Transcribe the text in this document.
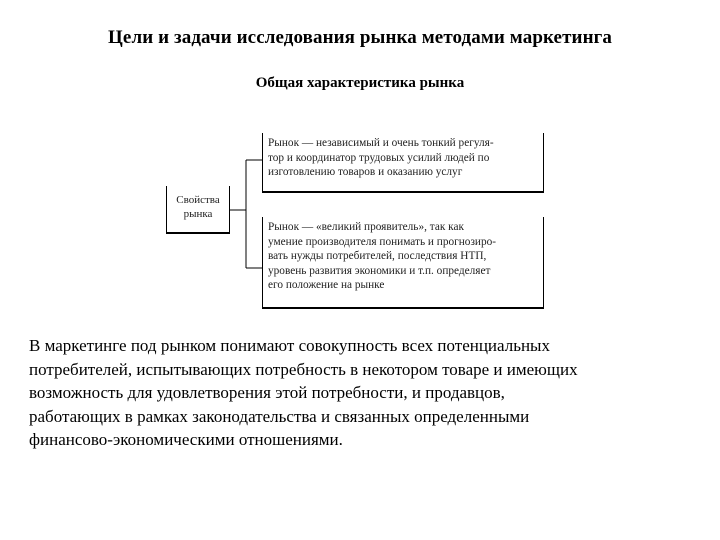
Цели и задачи исследования рынка методами маркетинга
Общая характеристика рынка
Свойства рынка
Рынок — независимый и очень тонкий регуля-
тор и координатор трудовых усилий людей по
изготовлению товаров и оказанию услуг
Рынок — «великий проявитель», так как
умение производителя понимать и прогнозиро-
вать нужды потребителей, последствия НТП,
уровень развития экономики и т.п. определяет
его положение на рынке
В маркетинге под рынком понимают совокупность всех потенциальных
потребителей, испытывающих потребность в некотором товаре и имеющих
возможность для удовлетворения этой потребности, и продавцов,
работающих в рамках законодательства и связанных определенными
финансово-экономическими отношениями.
